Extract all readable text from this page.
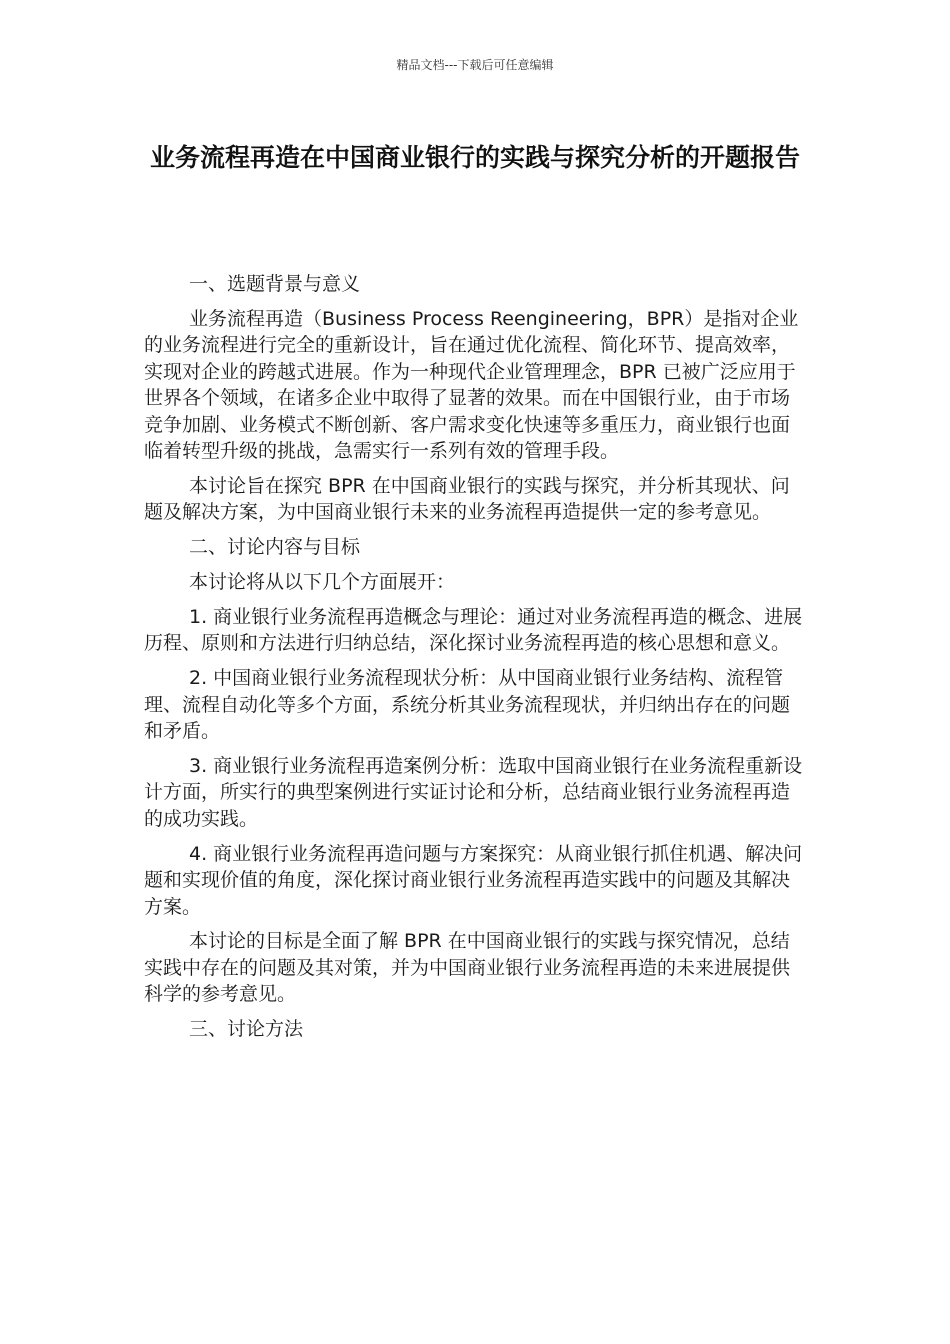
精品文档---下载后可任意编辑
业务流程再造在中国商业银行的实践与探究分析的开题报告

一、选题背景与意义

业务流程再造（Business Process Reengineering，BPR）是指对企业的业务流程进行完全的重新设计，旨在通过优化流程、简化环节、提高效率，实现对企业的跨越式进展。作为一种现代企业管理理念，BPR 已被广泛应用于世界各个领域，在诸多企业中取得了显著的效果。而在中国银行业，由于市场竞争加剧、业务模式不断创新、客户需求变化快速等多重压力，商业银行也面临着转型升级的挑战，急需实行一系列有效的管理手段。

本讨论旨在探究 BPR 在中国商业银行的实践与探究，并分析其现状、问题及解决方案，为中国商业银行未来的业务流程再造提供一定的参考意见。

二、讨论内容与目标

本讨论将从以下几个方面展开：

1. 商业银行业务流程再造概念与理论：通过对业务流程再造的概念、进展历程、原则和方法进行归纳总结，深化探讨业务流程再造的核心思想和意义。

2. 中国商业银行业务流程现状分析：从中国商业银行业务结构、流程管理、流程自动化等多个方面，系统分析其业务流程现状，并归纳出存在的问题和矛盾。

3. 商业银行业务流程再造案例分析：选取中国商业银行在业务流程重新设计方面，所实行的典型案例进行实证讨论和分析，总结商业银行业务流程再造的成功实践。

4. 商业银行业务流程再造问题与方案探究：从商业银行抓住机遇、解决问题和实现价值的角度，深化探讨商业银行业务流程再造实践中的问题及其解决方案。

本讨论的目标是全面了解 BPR 在中国商业银行的实践与探究情况，总结实践中存在的问题及其对策，并为中国商业银行业务流程再造的未来进展提供科学的参考意见。

三、讨论方法
